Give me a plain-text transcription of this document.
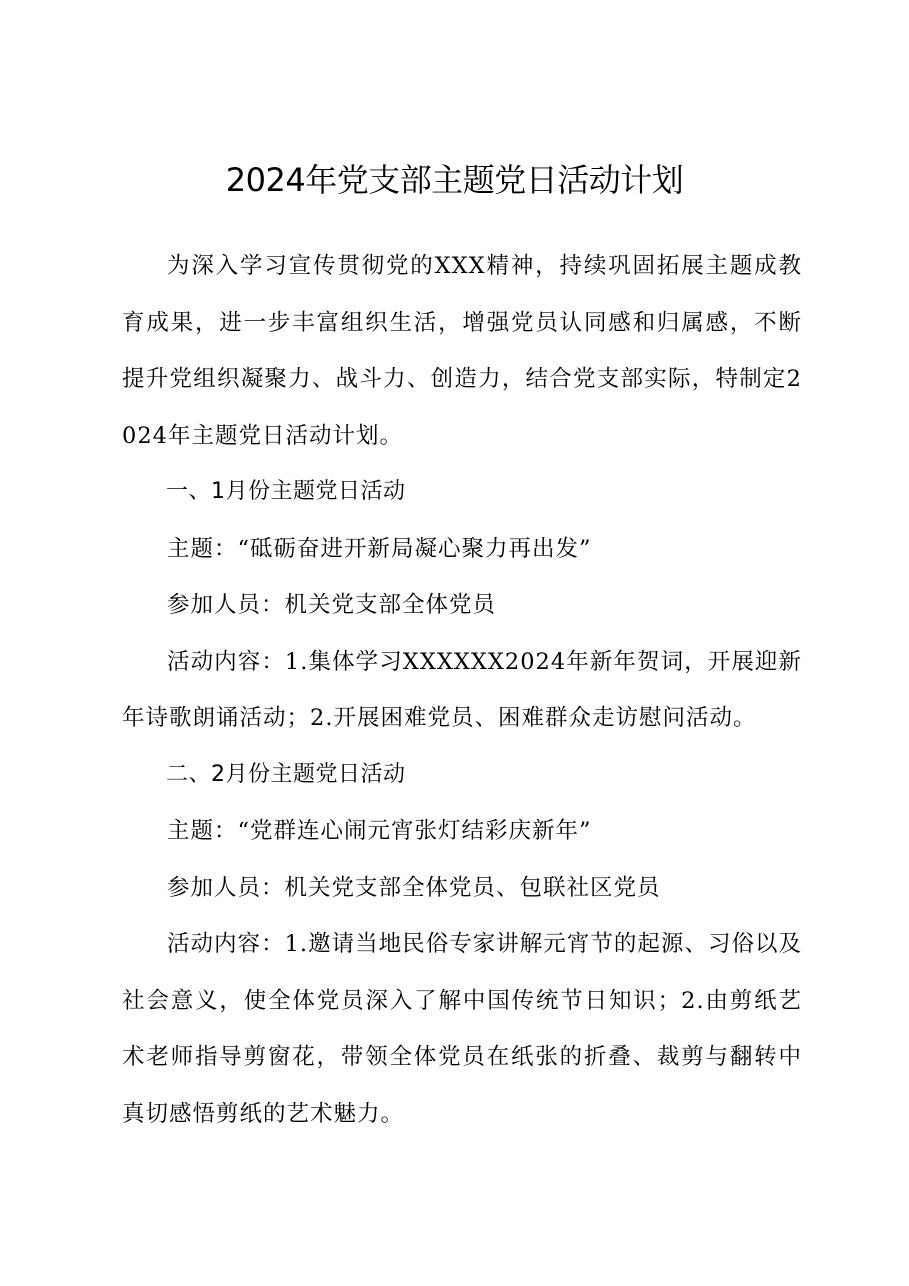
2024年党支部主题党日活动计划

为深入学习宣传贯彻党的XXX精神，持续巩固拓展主题成教育成果，进一步丰富组织生活，增强党员认同感和归属感，不断提升党组织凝聚力、战斗力、创造力，结合党支部实际，特制定2024年主题党日活动计划。

一、1月份主题党日活动

主题：“砥砺奋进开新局凝心聚力再出发”

参加人员：机关党支部全体党员

活动内容：1.集体学习XXXXXX2024年新年贺词，开展迎新年诗歌朗诵活动；2.开展困难党员、困难群众走访慰问活动。

二、2月份主题党日活动

主题：“党群连心闹元宵张灯结彩庆新年”

参加人员：机关党支部全体党员、包联社区党员

活动内容：1.邀请当地民俗专家讲解元宵节的起源、习俗以及社会意义，使全体党员深入了解中国传统节日知识；2.由剪纸艺术老师指导剪窗花，带领全体党员在纸张的折叠、裁剪与翻转中真切感悟剪纸的艺术魅力。
